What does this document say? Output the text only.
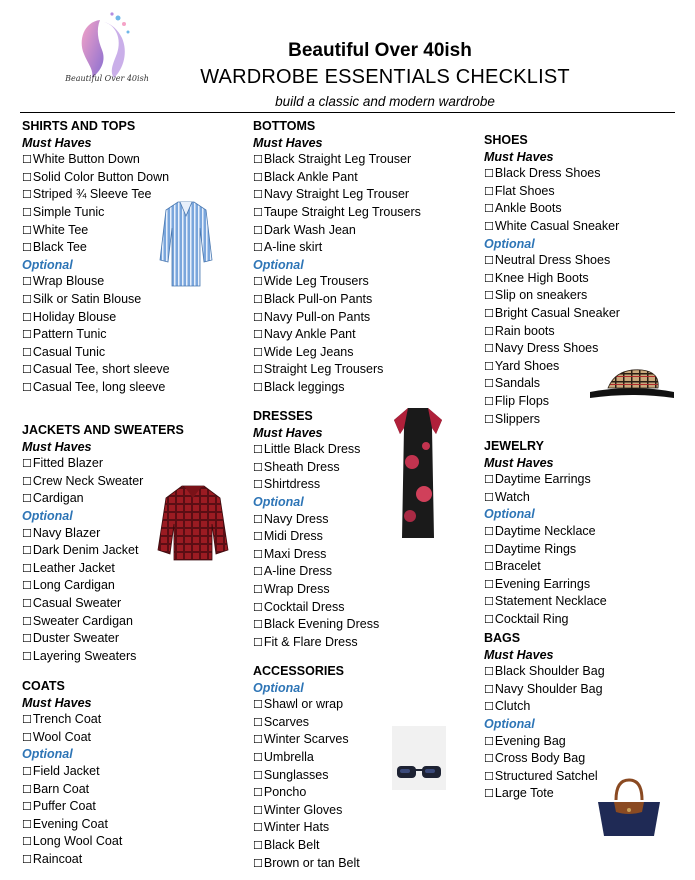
Beautiful Over 40ish
Beautiful Over 40ish
WARDROBE ESSENTIALS CHECKLIST
build a classic and modern wardrobe
SHIRTS AND TOPS
Must Haves
☐White Button Down
☐Solid Color Button Down
☐Striped ¾ Sleeve Tee
☐Simple Tunic
☐White Tee
☐Black Tee
Optional
☐Wrap Blouse
☐Silk or Satin Blouse
☐Holiday Blouse
☐Pattern Tunic
☐Casual Tunic
☐Casual Tee, short sleeve
☐Casual Tee, long sleeve
JACKETS AND SWEATERS
Must Haves
☐Fitted Blazer
☐Crew Neck Sweater
☐Cardigan
Optional
☐Navy Blazer
☐Dark Denim Jacket
☐Leather Jacket
☐Long Cardigan
☐Casual Sweater
☐Sweater Cardigan
☐Duster Sweater
☐Layering Sweaters
COATS
Must Haves
☐Trench Coat
☐Wool Coat
Optional
☐Field Jacket
☐Barn Coat
☐Puffer Coat
☐Evening Coat
☐Long Wool Coat
☐Raincoat
BOTTOMS
Must Haves
☐Black Straight Leg Trouser
☐Black Ankle Pant
☐Navy Straight Leg Trouser
☐Taupe Straight Leg Trousers
☐Dark Wash Jean
☐A-line skirt
Optional
☐Wide Leg Trousers
☐Black Pull-on Pants
☐Navy Pull-on Pants
☐Navy Ankle Pant
☐Wide Leg Jeans
☐Straight Leg Trousers
☐Black leggings
DRESSES
Must Haves
☐Little Black Dress
☐Sheath Dress
☐Shirtdress
Optional
☐Navy Dress
☐Midi Dress
☐Maxi Dress
☐A-line Dress
☐Wrap Dress
☐Cocktail Dress
☐Black Evening Dress
☐Fit & Flare Dress
ACCESSORIES
Optional
☐Shawl or wrap
☐Scarves
☐Winter Scarves
☐Umbrella
☐Sunglasses
☐Poncho
☐Winter Gloves
☐Winter Hats
☐Black Belt
☐Brown or tan Belt
SHOES
Must Haves
☐Black Dress Shoes
☐Flat Shoes
☐Ankle Boots
☐White Casual Sneaker
Optional
☐Neutral Dress Shoes
☐Knee High Boots
☐Slip on sneakers
☐Bright Casual Sneaker
☐Rain boots
☐Navy Dress Shoes
☐Yard Shoes
☐Sandals
☐Flip Flops
☐Slippers
JEWELRY
Must Haves
☐Daytime Earrings
☐Watch
Optional
☐Daytime Necklace
☐Daytime Rings
☐Bracelet
☐Evening Earrings
☐Statement Necklace
☐Cocktail Ring
BAGS
Must Haves
☐Black Shoulder Bag
☐Navy Shoulder Bag
☐Clutch
Optional
☐Evening Bag
☐Cross Body Bag
☐Structured Satchel
☐Large Tote
